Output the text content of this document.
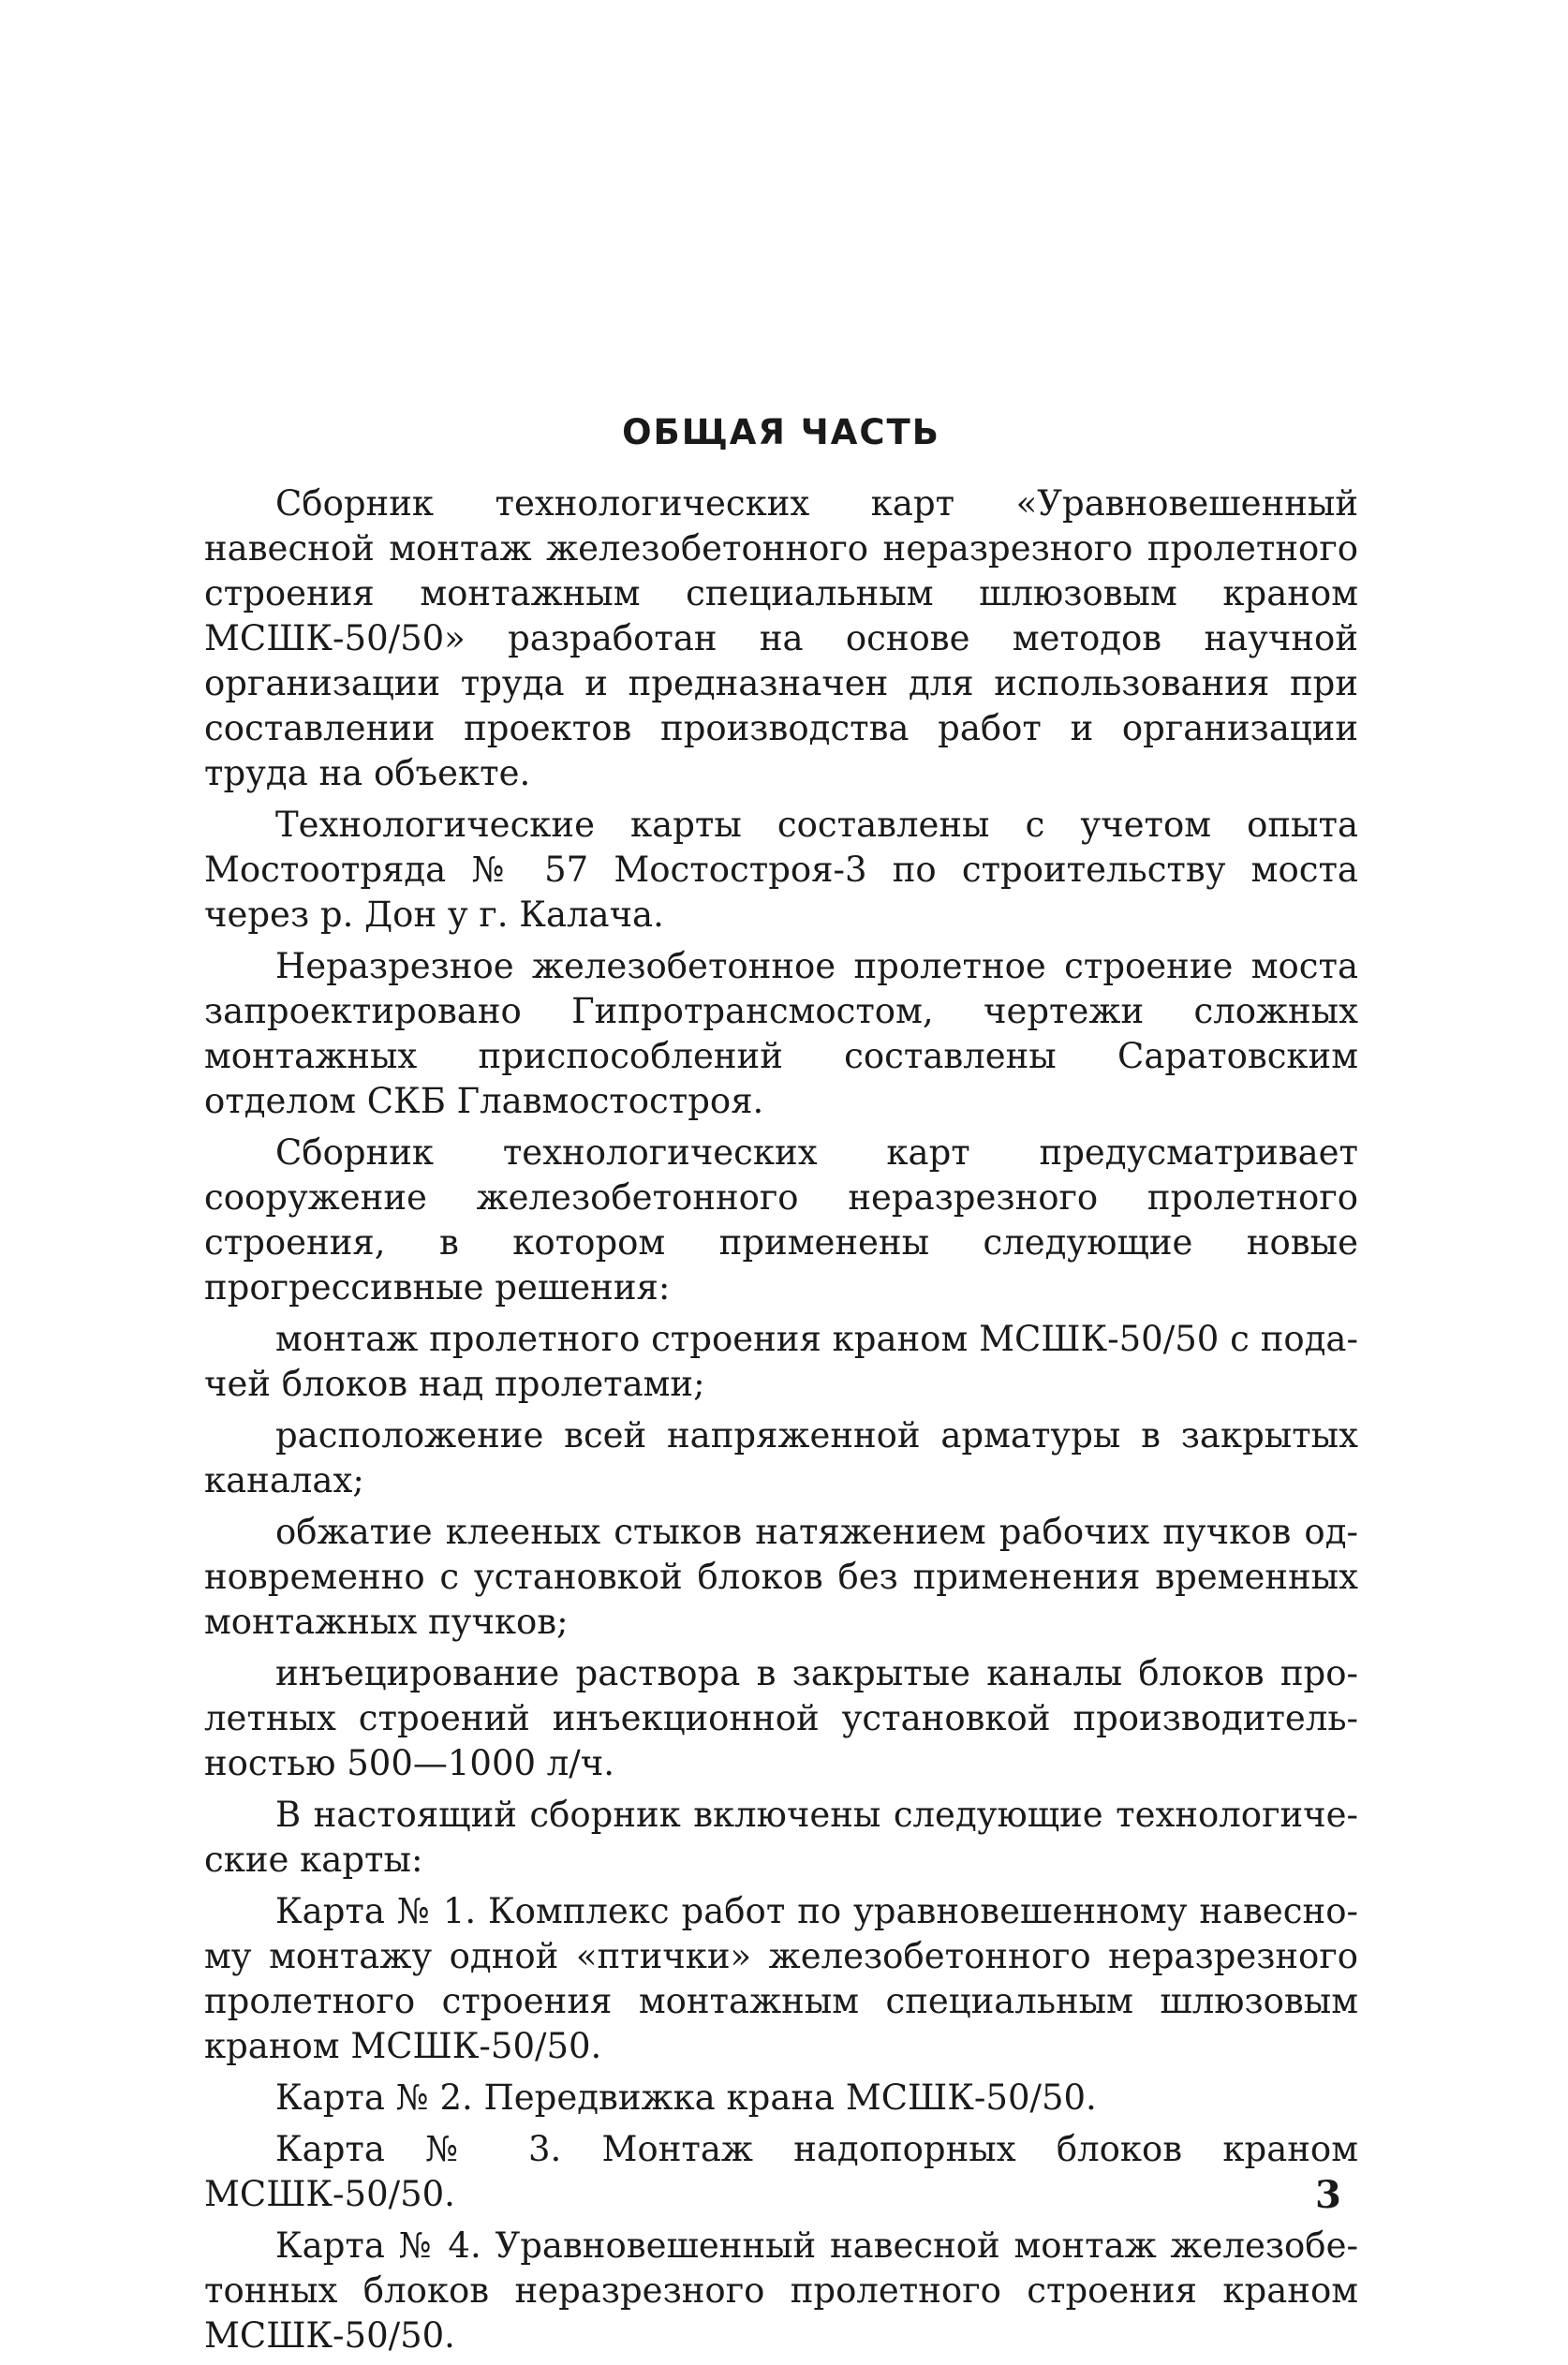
ОБЩАЯ ЧАСТЬ

Сборник технологических карт «Уравновешенный навесной монтаж железобетонного неразрезного пролетного строения монтажным специальным шлюзовым краном МСШК-50/50» разработан на основе методов научной организации труда и предназначен для использования при составлении проектов производства работ и организации труда на объекте.

Технологические карты составлены с учетом опыта Мостоотряда № 57 Мостостроя-3 по строительству моста через р. Дон у г. Калача.

Неразрезное железобетонное пролетное строение моста запроектировано Гипротрансмостом, чертежи сложных монтажных приспособлений составлены Саратовским отделом СКБ Главмостостроя.

Сборник технологических карт предусматривает сооружение железобетонного неразрезного пролетного строения, в котором применены следующие новые прогрессивные решения:

монтаж пролетного строения краном МСШК-50/50 с подачей блоков над пролетами;

расположение всей напряженной арматуры в закрытых каналах;

обжатие клееных стыков натяжением рабочих пучков одновременно с установкой блоков без применения временных монтажных пучков;

инъецирование раствора в закрытые каналы блоков пролетных строений инъекционной установкой производительностью 500—1000 л/ч.

В настоящий сборник включены следующие технологические карты:

Карта № 1. Комплекс работ по уравновешенному навесному монтажу одной «птички» железобетонного неразрезного пролетного строения монтажным специальным шлюзовым краном МСШК-50/50.

Карта № 2. Передвижка крана МСШК-50/50.

Карта № 3. Монтаж надопорных блоков краном МСШК-50/50.

Карта № 4. Уравновешенный навесной монтаж железобетонных блоков неразрезного пролетного строения краном МСШК-50/50.

3
